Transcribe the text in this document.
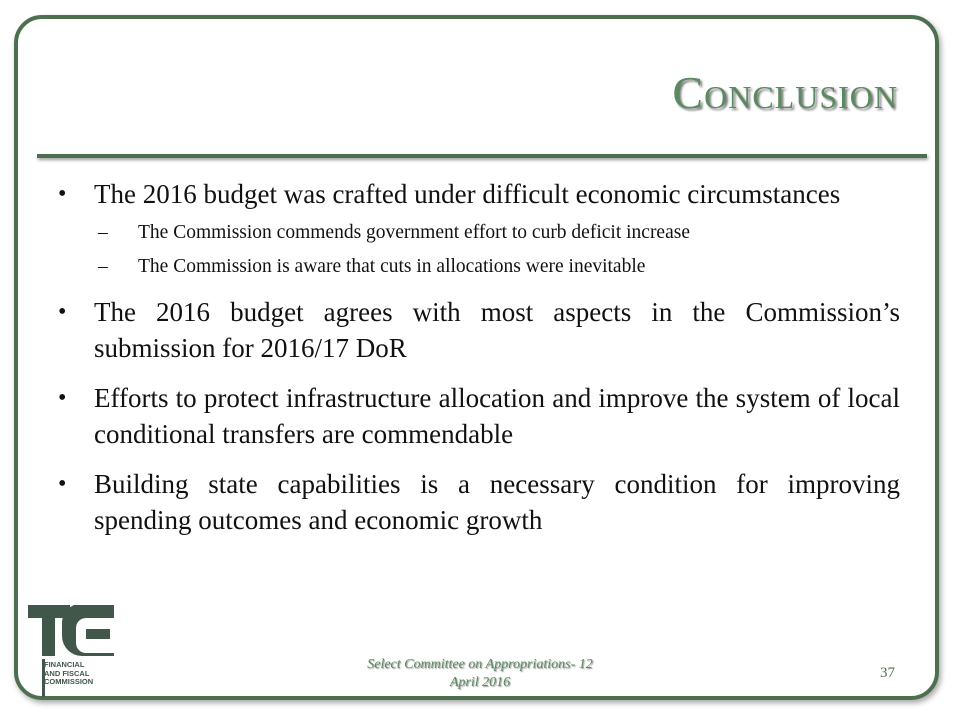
Conclusion
• The 2016 budget was crafted under difficult economic circumstances
– The Commission commends government effort to curb deficit increase
– The Commission is aware that cuts in allocations were inevitable
• The 2016 budget agrees with most aspects in the Commission’s submission for 2016/17 DoR
• Efforts to protect infrastructure allocation and improve the system of local conditional transfers are commendable
• Building state capabilities is a necessary condition for improving spending outcomes and economic growth
FINANCIAL
AND FISCAL
COMMISSION
Select Committee on Appropriations- 12
April 2016
37
